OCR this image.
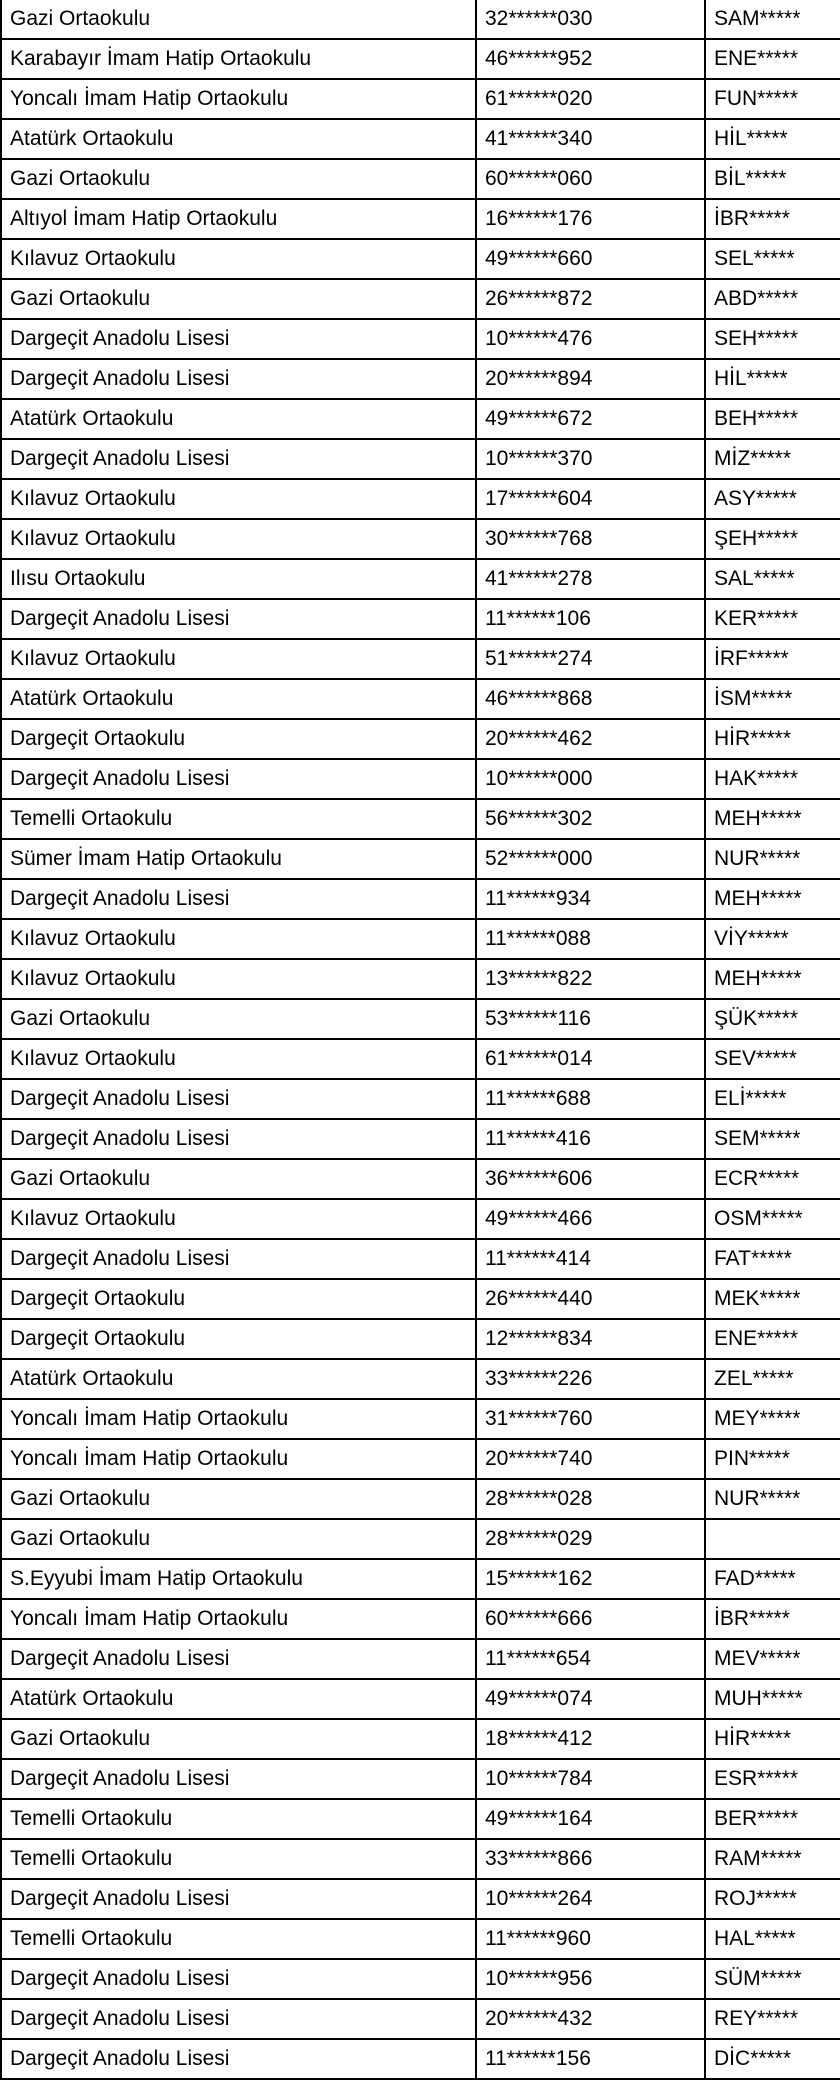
Gazi Ortaokulu	32******030	SAM*****
Karabayır İmam Hatip Ortaokulu	46******952	ENE*****
Yoncalı İmam Hatip Ortaokulu	61******020	FUN*****
Atatürk Ortaokulu	41******340	HİL*****
Gazi Ortaokulu	60******060	BİL*****
Altıyol İmam Hatip Ortaokulu	16******176	İBR*****
Kılavuz Ortaokulu	49******660	SEL*****
Gazi Ortaokulu	26******872	ABD*****
Dargeçit Anadolu Lisesi	10******476	SEH*****
Dargeçit Anadolu Lisesi	20******894	HİL*****
Atatürk Ortaokulu	49******672	BEH*****
Dargeçit Anadolu Lisesi	10******370	MİZ*****
Kılavuz Ortaokulu	17******604	ASY*****
Kılavuz Ortaokulu	30******768	ŞEH*****
Ilısu Ortaokulu	41******278	SAL*****
Dargeçit Anadolu Lisesi	11******106	KER*****
Kılavuz Ortaokulu	51******274	İRF*****
Atatürk Ortaokulu	46******868	İSM*****
Dargeçit Ortaokulu	20******462	HİR*****
Dargeçit Anadolu Lisesi	10******000	HAK*****
Temelli Ortaokulu	56******302	MEH*****
Sümer İmam Hatip Ortaokulu	52******000	NUR*****
Dargeçit Anadolu Lisesi	11******934	MEH*****
Kılavuz Ortaokulu	11******088	VİY*****
Kılavuz Ortaokulu	13******822	MEH*****
Gazi Ortaokulu	53******116	ŞÜK*****
Kılavuz Ortaokulu	61******014	SEV*****
Dargeçit Anadolu Lisesi	11******688	ELİ*****
Dargeçit Anadolu Lisesi	11******416	SEM*****
Gazi Ortaokulu	36******606	ECR*****
Kılavuz Ortaokulu	49******466	OSM*****
Dargeçit Anadolu Lisesi	11******414	FAT*****
Dargeçit Ortaokulu	26******440	MEK*****
Dargeçit Ortaokulu	12******834	ENE*****
Atatürk Ortaokulu	33******226	ZEL*****
Yoncalı İmam Hatip Ortaokulu	31******760	MEY*****
Yoncalı İmam Hatip Ortaokulu	20******740	PIN*****
Gazi Ortaokulu	28******028	NUR*****
Gazi Ortaokulu	28******029	
S.Eyyubi İmam Hatip Ortaokulu	15******162	FAD*****
Yoncalı İmam Hatip Ortaokulu	60******666	İBR*****
Dargeçit Anadolu Lisesi	11******654	MEV*****
Atatürk Ortaokulu	49******074	MUH*****
Gazi Ortaokulu	18******412	HİR*****
Dargeçit Anadolu Lisesi	10******784	ESR*****
Temelli Ortaokulu	49******164	BER*****
Temelli Ortaokulu	33******866	RAM*****
Dargeçit Anadolu Lisesi	10******264	ROJ*****
Temelli Ortaokulu	11******960	HAL*****
Dargeçit Anadolu Lisesi	10******956	SÜM*****
Dargeçit Anadolu Lisesi	20******432	REY*****
Dargeçit Anadolu Lisesi	11******156	DİC*****
